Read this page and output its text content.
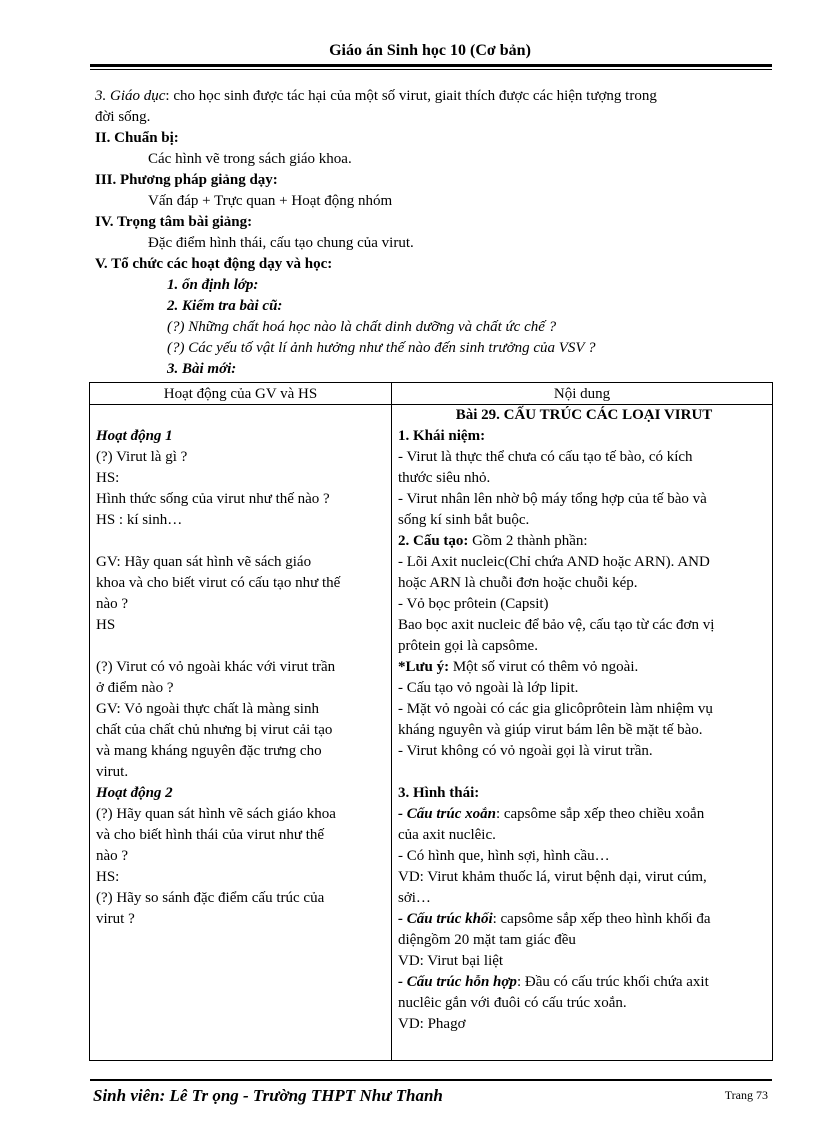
Giáo án Sinh học 10 (Cơ bản)
3. Giáo dục: cho học sinh được tác hại của một số virut, giait thích được các hiện tượng trong
đời sống.
II. Chuẩn bị:
Các hình vẽ trong sách giáo khoa.
III. Phương pháp giảng dạy:
Vấn đáp + Trực quan + Hoạt động nhóm
IV. Trọng tâm bài giảng:
Đặc điểm hình thái, cấu tạo chung của virut.
V. Tổ chức các hoạt động dạy và học:
1. ổn định lớp:
2. Kiểm tra bài cũ:
(?) Những chất hoá học nào là chất dinh dưỡng và chất ức chế ?
(?) Các yếu tố vật lí ảnh hưởng như thế nào đến sinh trưởng của VSV ?
3. Bài mới:
Hoạt động của GV và HS	Nội dung
Hoạt động 1
(?) Virut là gì ?
HS:
Hình thức sống của virut như thế nào ?
HS : kí sinh…
GV: Hãy quan sát hình vẽ sách giáo
khoa và cho biết virut có cấu tạo như thế
nào ?
HS
(?) Virut có vỏ ngoài khác với virut trần
ở điểm nào ?
GV: Vỏ ngoài thực chất là màng sinh
chất của chất chủ nhưng bị virut cải tạo
và mang kháng nguyên đặc trưng cho
virut.
Hoạt động 2
(?) Hãy quan sát hình vẽ sách giáo khoa
và cho biết hình thái của virut như thế
nào ?
HS:
(?) Hãy so sánh đặc điểm cấu trúc của
virut ?
Bài 29. CẤU TRÚC CÁC LOẠI VIRUT
1. Khái niệm:
- Virut là thực thể chưa có cấu tạo tế bào, có kích
thước siêu nhỏ.
- Virut nhân lên nhờ bộ máy tổng hợp của tế bào và
sống kí sinh bắt buộc.
2. Cấu tạo: Gồm 2 thành phần:
- Lõi Axit nucleic(Chỉ chứa AND hoặc ARN). AND
hoặc ARN là chuỗi đơn hoặc chuỗi kép.
- Vỏ bọc prôtein (Capsit)
Bao bọc axit nucleic để bảo vệ, cấu tạo từ các đơn vị
prôtein gọi là capsôme.
*Lưu ý: Một số virut có thêm vỏ ngoài.
- Cấu tạo vỏ ngoài là lớp lipit.
- Mặt vỏ ngoài có các gia glicôprôtein làm nhiệm vụ
kháng nguyên và giúp virut bám lên bề mặt tế bào.
- Virut không có vỏ ngoài gọi là virut trần.
3. Hình thái:
- Cấu trúc xoắn: capsôme sắp xếp theo chiều xoắn
của axit nuclêic.
- Có hình que, hình sợi, hình cầu…
VD: Virut khảm thuốc lá, virut bệnh dại, virut cúm,
sởi…
- Cấu trúc khối: capsôme sắp xếp theo hình khối đa
diệngồm 20 mặt tam giác đều
VD: Virut bại liệt
- Cấu trúc hỗn hợp: Đầu có cấu trúc khối chứa axit
nuclêic gắn với đuôi có cấu trúc xoắn.
VD: Phagơ
Sinh viên: Lê Tr ọng - Trường THPT Như Thanh	Trang 73
